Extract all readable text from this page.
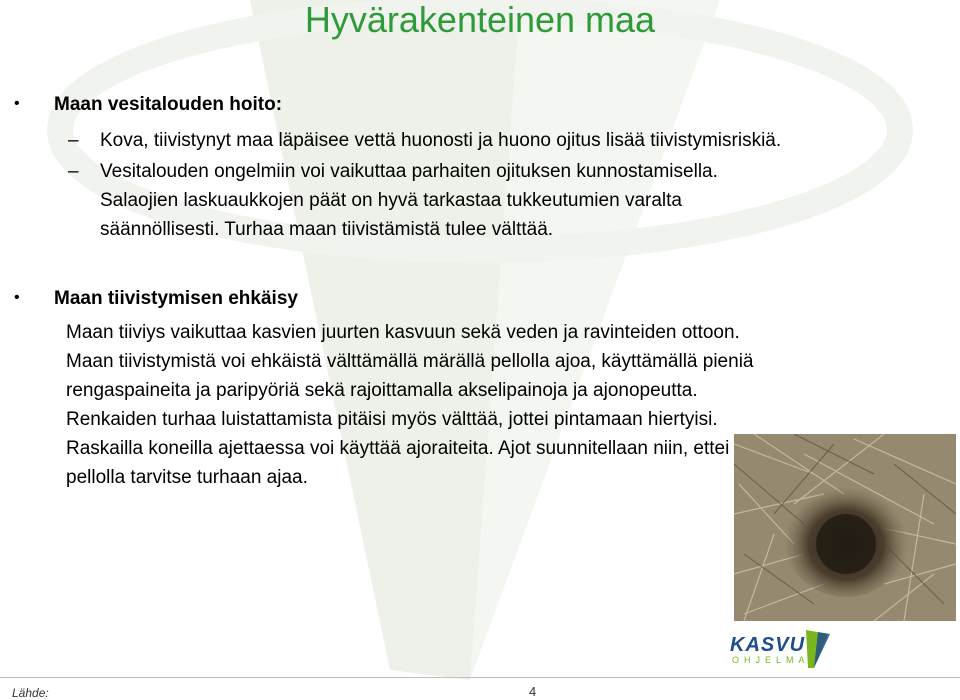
Hyvärakenteinen maa
• Maan vesitalouden hoito:
– Kova, tiivistynyt maa läpäisee vettä huonosti ja huono ojitus lisää tiivistymisriskiä.
– Vesitalouden ongelmiin voi vaikuttaa parhaiten ojituksen kunnostamisella.
Salaojien laskuaukkojen päät on hyvä tarkastaa tukkeutumien varalta
säännöllisesti. Turhaa maan tiivistämistä tulee välttää.
• Maan tiivistymisen ehkäisy
Maan tiiviys vaikuttaa kasvien juurten kasvuun sekä veden ja ravinteiden ottoon.
Maan tiivistymistä voi ehkäistä välttämällä märällä pellolla ajoa, käyttämällä pieniä
rengaspaineita ja paripyöriä sekä rajoittamalla akselipainoja ja ajonopeutta.
Renkaiden turhaa luistattamista pitäisi myös välttää, jottei pintamaan hiertyisi.
Raskailla koneilla ajettaessa voi käyttää ajoraiteita. Ajot suunnitellaan niin, ettei
pellolla tarvitse turhaan ajaa.
KASVU
OHJELMA
Lähde:	4
